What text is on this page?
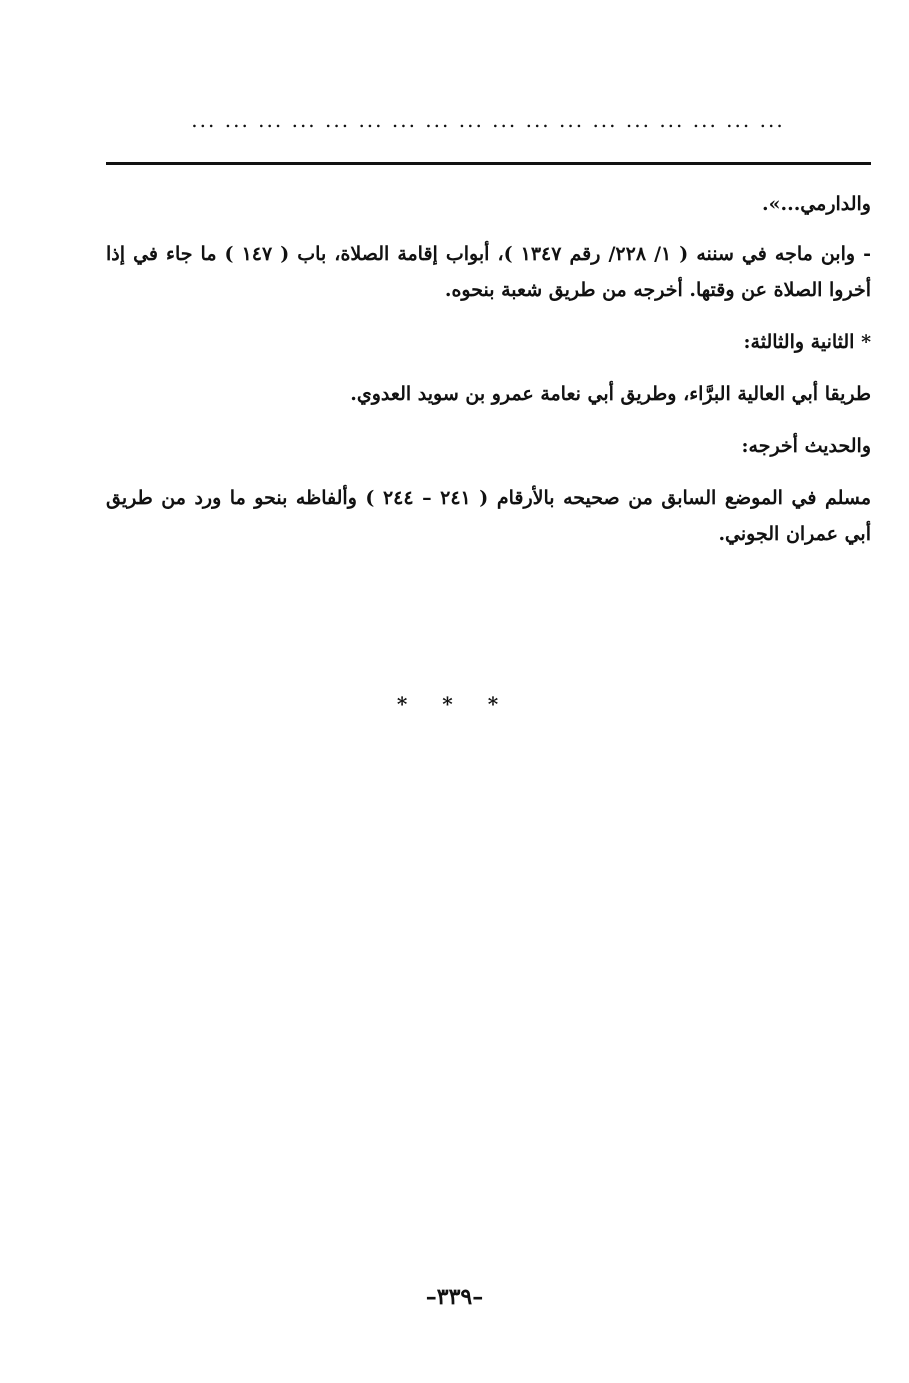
... ... ... ... ... ... ... ... ... ... ... ... ... ... ... ... ... ...

والدارمي...».

- وابن ماجه في سننه ( ١/ ٢٢٨/ رقم ١٣٤٧ )، أبواب إقامة الصلاة، باب ( ١٤٧ ) ما جاء في إذا أخروا الصلاة عن وقتها. أخرجه من طريق شعبة بنحوه.

* الثانية والثالثة:

طريقا أبي العالية البرَّاء، وطريق أبي نعامة عمرو بن سويد العدوي.

والحديث أخرجه:

مسلم في الموضع السابق من صحيحه بالأرقام ( ٢٤١ – ٢٤٤ ) وألفاظه بنحو ما ورد من طريق أبي عمران الجوني.

* * *
–٣٣٩–
